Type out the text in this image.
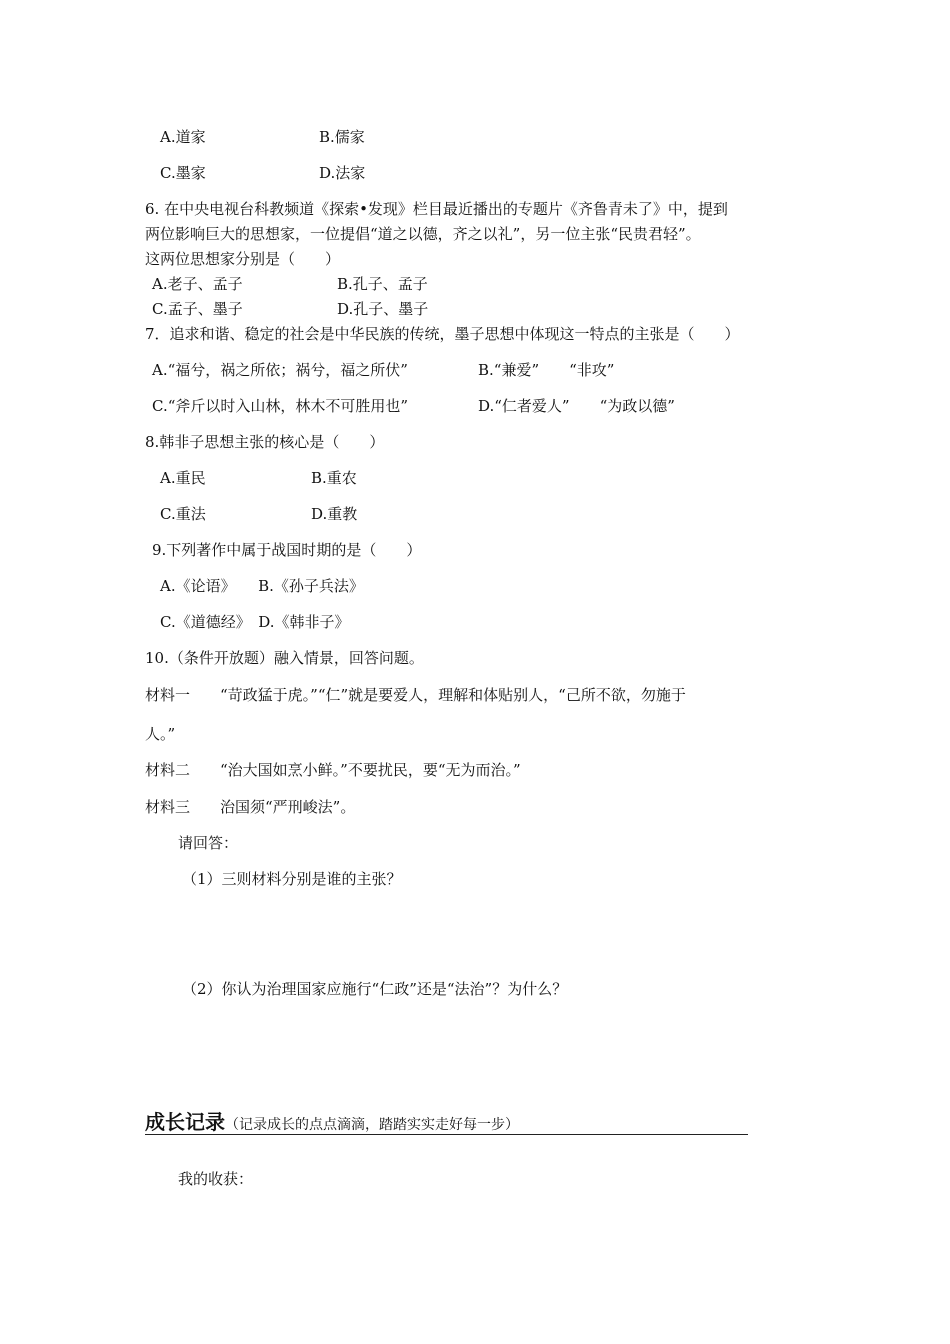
A.道家	B.儒家
C.墨家	D.法家
6. 在中央电视台科教频道《探索•发现》栏目最近播出的专题片《齐鲁青未了》中，提到
两位影响巨大的思想家，一位提倡“道之以德，齐之以礼”，另一位主张“民贵君轻”。
这两位思想家分别是（　　）
A.老子、孟子	B.孔子、孟子
C.孟子、墨子	D.孔子、墨子
7．追求和谐、稳定的社会是中华民族的传统，墨子思想中体现这一特点的主张是（　　）
A.“福兮，祸之所依；祸兮，福之所伏”	B.“兼爱”　　“非攻”
C.“斧斤以时入山林，林木不可胜用也”	D.“仁者爱人”　　“为政以德”
8.韩非子思想主张的核心是（　　）
A.重民	B.重农
C.重法	D.重教
9.下列著作中属于战国时期的是（　　）
A.《论语》　　B.《孙子兵法》
C.《道德经》　D.《韩非子》
10.（条件开放题）融入情景，回答问题。
材料一　　“苛政猛于虎。”“仁”就是要爱人，理解和体贴别人，“己所不欲，勿施于
人。”
材料二　　“治大国如烹小鲜。”不要扰民，要“无为而治。”
材料三　　治国须“严刑峻法”。
请回答：
（1）三则材料分别是谁的主张？
（2）你认为治理国家应施行“仁政”还是“法治”？为什么？
成长记录（记录成长的点点滴滴，踏踏实实走好每一步）
我的收获：
